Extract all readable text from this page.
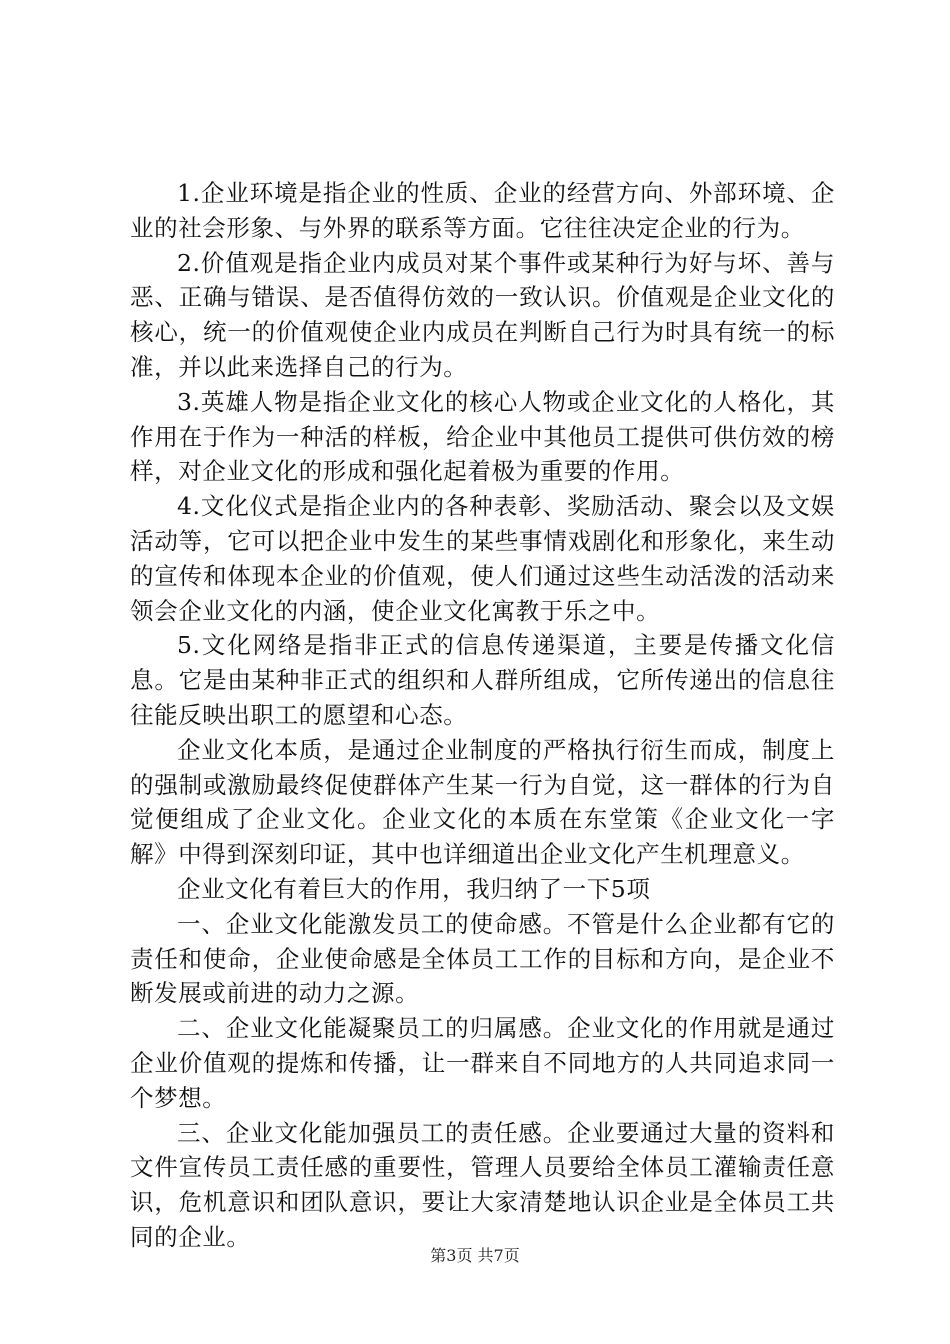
1.企业环境是指企业的性质、企业的经营方向、外部环境、企业的社会形象、与外界的联系等方面。它往往决定企业的行为。

2.价值观是指企业内成员对某个事件或某种行为好与坏、善与恶、正确与错误、是否值得仿效的一致认识。价值观是企业文化的核心，统一的价值观使企业内成员在判断自己行为时具有统一的标准，并以此来选择自己的行为。

3.英雄人物是指企业文化的核心人物或企业文化的人格化，其作用在于作为一种活的样板，给企业中其他员工提供可供仿效的榜样，对企业文化的形成和强化起着极为重要的作用。

4.文化仪式是指企业内的各种表彰、奖励活动、聚会以及文娱活动等，它可以把企业中发生的某些事情戏剧化和形象化，来生动的宣传和体现本企业的价值观，使人们通过这些生动活泼的活动来领会企业文化的内涵，使企业文化寓教于乐之中。

5.文化网络是指非正式的信息传递渠道，主要是传播文化信息。它是由某种非正式的组织和人群所组成，它所传递出的信息往往能反映出职工的愿望和心态。

企业文化本质，是通过企业制度的严格执行衍生而成，制度上的强制或激励最终促使群体产生某一行为自觉，这一群体的行为自觉便组成了企业文化。企业文化的本质在东堂策《企业文化一字解》中得到深刻印证，其中也详细道出企业文化产生机理意义。

企业文化有着巨大的作用，我归纳了一下5项

一、企业文化能激发员工的使命感。不管是什么企业都有它的责任和使命，企业使命感是全体员工工作的目标和方向，是企业不断发展或前进的动力之源。

二、企业文化能凝聚员工的归属感。企业文化的作用就是通过企业价值观的提炼和传播，让一群来自不同地方的人共同追求同一个梦想。

三、企业文化能加强员工的责任感。企业要通过大量的资料和文件宣传员工责任感的重要性，管理人员要给全体员工灌输责任意识，危机意识和团队意识，要让大家清楚地认识企业是全体员工共同的企业。

第3页 共7页
